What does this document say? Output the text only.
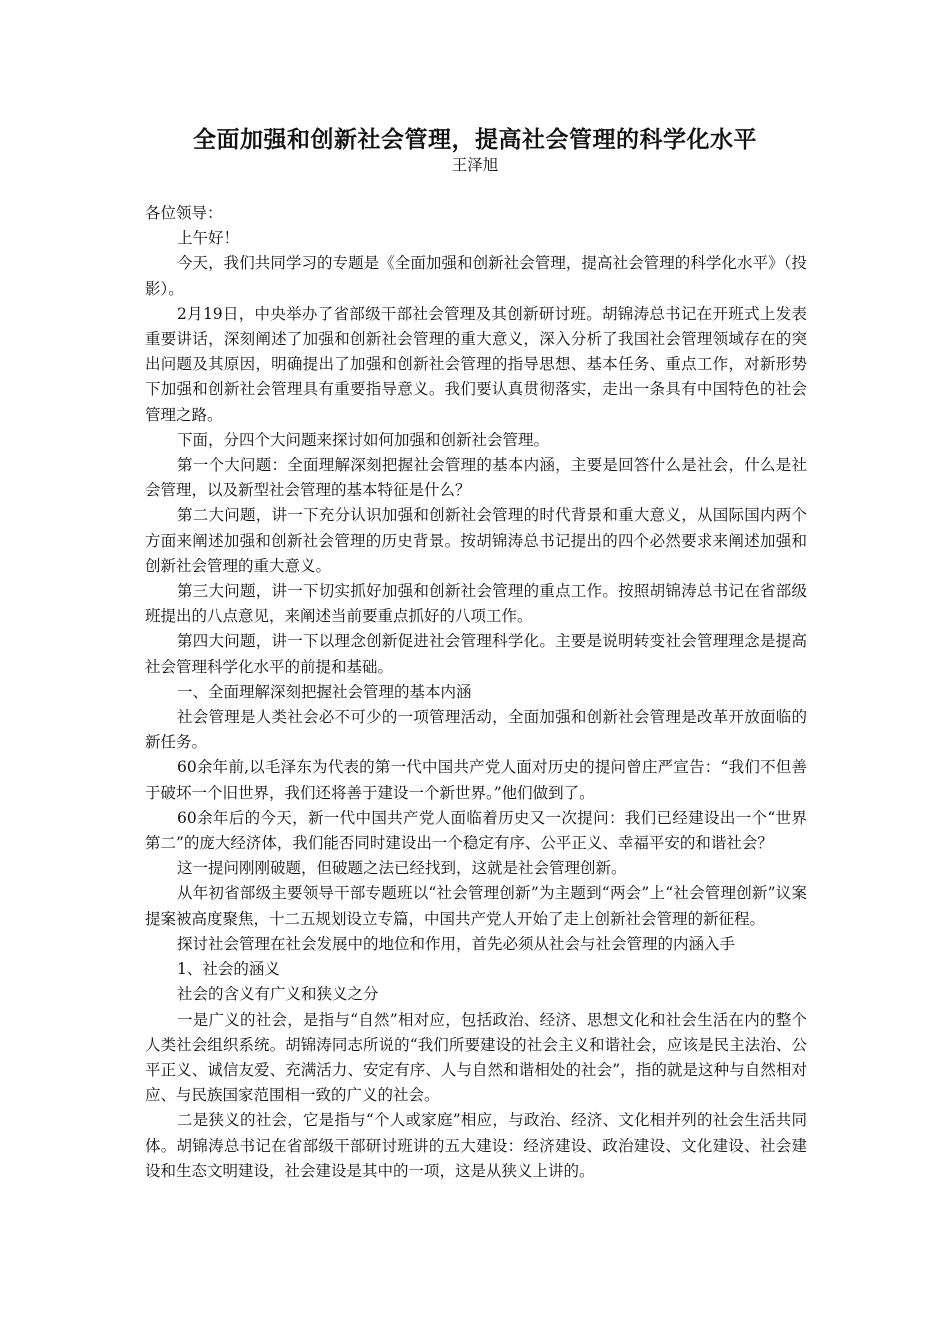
全面加强和创新社会管理，提高社会管理的科学化水平
王泽旭

各位领导：

上午好！

今天，我们共同学习的专题是《全面加强和创新社会管理，提高社会管理的科学化水平》（投影）。

2月19日，中央举办了省部级干部社会管理及其创新研讨班。胡锦涛总书记在开班式上发表重要讲话，深刻阐述了加强和创新社会管理的重大意义，深入分析了我国社会管理领域存在的突出问题及其原因，明确提出了加强和创新社会管理的指导思想、基本任务、重点工作，对新形势下加强和创新社会管理具有重要指导意义。我们要认真贯彻落实，走出一条具有中国特色的社会管理之路。

下面，分四个大问题来探讨如何加强和创新社会管理。

第一个大问题：全面理解深刻把握社会管理的基本内涵，主要是回答什么是社会，什么是社会管理，以及新型社会管理的基本特征是什么？

第二大问题，讲一下充分认识加强和创新社会管理的时代背景和重大意义，从国际国内两个方面来阐述加强和创新社会管理的历史背景。按胡锦涛总书记提出的四个必然要求来阐述加强和创新社会管理的重大意义。

第三大问题，讲一下切实抓好加强和创新社会管理的重点工作。按照胡锦涛总书记在省部级班提出的八点意见，来阐述当前要重点抓好的八项工作。

第四大问题，讲一下以理念创新促进社会管理科学化。主要是说明转变社会管理理念是提高社会管理科学化水平的前提和基础。

一、全面理解深刻把握社会管理的基本内涵

社会管理是人类社会必不可少的一项管理活动，全面加强和创新社会管理是改革开放面临的新任务。

60余年前,以毛泽东为代表的第一代中国共产党人面对历史的提问曾庄严宣告：“我们不但善于破坏一个旧世界，我们还将善于建设一个新世界。”他们做到了。

60余年后的今天，新一代中国共产党人面临着历史又一次提问：我们已经建设出一个“世界第二”的庞大经济体，我们能否同时建设出一个稳定有序、公平正义、幸福平安的和谐社会？

这一提问刚刚破题，但破题之法已经找到，这就是社会管理创新。

从年初省部级主要领导干部专题班以“社会管理创新”为主题到“两会”上“社会管理创新”议案提案被高度聚焦，十二五规划设立专篇，中国共产党人开始了走上创新社会管理的新征程。

探讨社会管理在社会发展中的地位和作用，首先必须从社会与社会管理的内涵入手

1、社会的涵义

社会的含义有广义和狭义之分

一是广义的社会，是指与“自然”相对应，包括政治、经济、思想文化和社会生活在内的整个人类社会组织系统。胡锦涛同志所说的“我们所要建设的社会主义和谐社会，应该是民主法治、公平正义、诚信友爱、充满活力、安定有序、人与自然和谐相处的社会”，指的就是这种与自然相对应、与民族国家范围相一致的广义的社会。

二是狭义的社会，它是指与“个人或家庭”相应，与政治、经济、文化相并列的社会生活共同体。胡锦涛总书记在省部级干部研讨班讲的五大建设：经济建设、政治建设、文化建设、社会建设和生态文明建设，社会建设是其中的一项，这是从狭义上讲的。
